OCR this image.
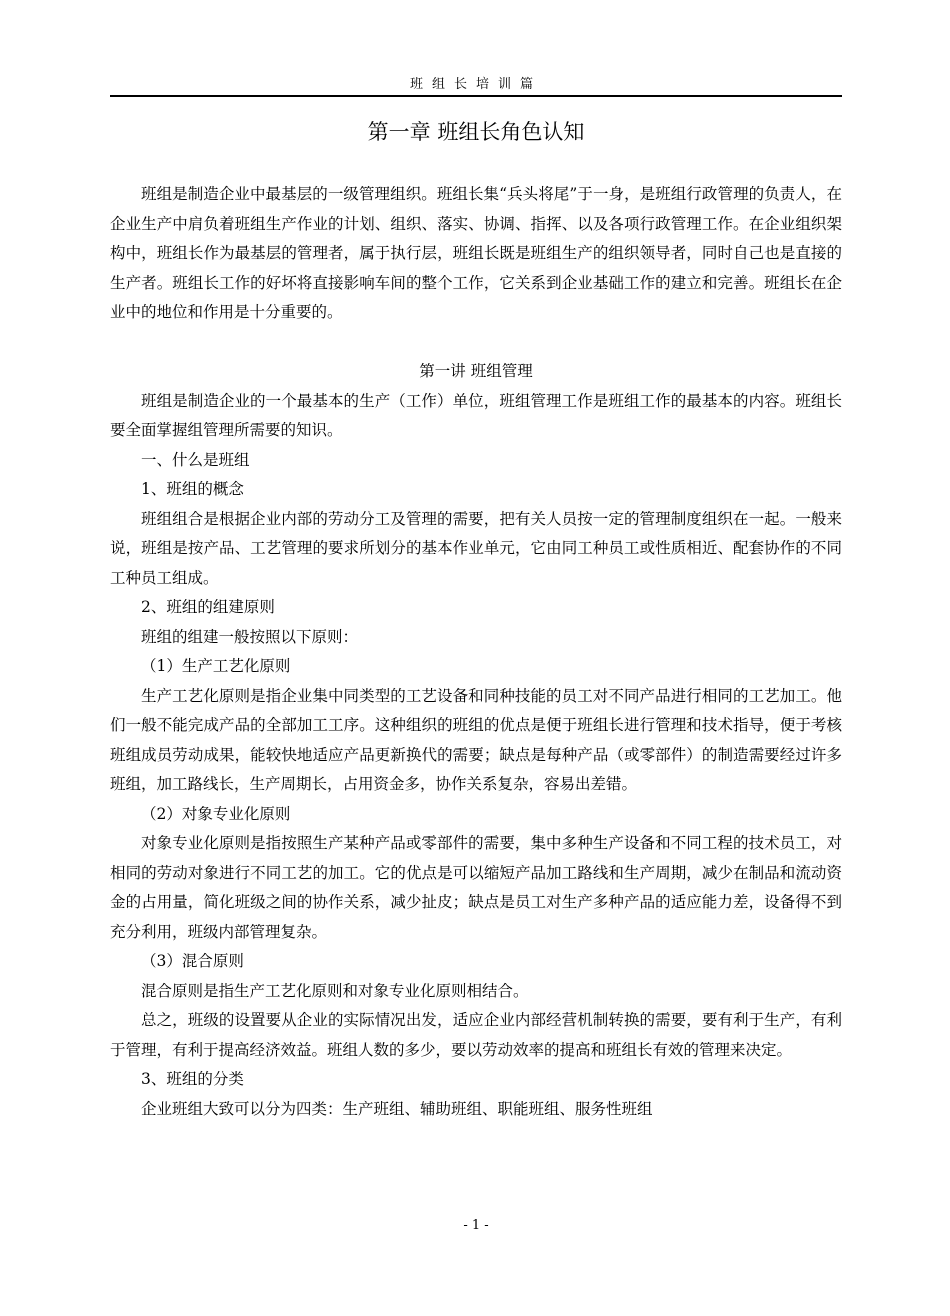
班组长培训篇
第一章 班组长角色认知

班组是制造企业中最基层的一级管理组织。班组长集“兵头将尾”于一身，是班组行政管理的负责人，在企业生产中肩负着班组生产作业的计划、组织、落实、协调、指挥、以及各项行政管理工作。在企业组织架构中，班组长作为最基层的管理者，属于执行层，班组长既是班组生产的组织领导者，同时自己也是直接的生产者。班组长工作的好坏将直接影响车间的整个工作，它关系到企业基础工作的建立和完善。班组长在企业中的地位和作用是十分重要的。

第一讲 班组管理

班组是制造企业的一个最基本的生产（工作）单位，班组管理工作是班组工作的最基本的内容。班组长要全面掌握组管理所需要的知识。

一、什么是班组

1、班组的概念

班组组合是根据企业内部的劳动分工及管理的需要，把有关人员按一定的管理制度组织在一起。一般来说，班组是按产品、工艺管理的要求所划分的基本作业单元，它由同工种员工或性质相近、配套协作的不同工种员工组成。

2、班组的组建原则

班组的组建一般按照以下原则：

（1）生产工艺化原则

生产工艺化原则是指企业集中同类型的工艺设备和同种技能的员工对不同产品进行相同的工艺加工。他们一般不能完成产品的全部加工工序。这种组织的班组的优点是便于班组长进行管理和技术指导，便于考核班组成员劳动成果，能较快地适应产品更新换代的需要；缺点是每种产品（或零部件）的制造需要经过许多班组，加工路线长，生产周期长，占用资金多，协作关系复杂，容易出差错。

（2）对象专业化原则

对象专业化原则是指按照生产某种产品或零部件的需要，集中多种生产设备和不同工程的技术员工，对相同的劳动对象进行不同工艺的加工。它的优点是可以缩短产品加工路线和生产周期，减少在制品和流动资金的占用量，简化班级之间的协作关系，减少扯皮；缺点是员工对生产多种产品的适应能力差，设备得不到充分利用，班级内部管理复杂。

（3）混合原则

混合原则是指生产工艺化原则和对象专业化原则相结合。

总之，班级的设置要从企业的实际情况出发，适应企业内部经营机制转换的需要，要有利于生产，有利于管理，有利于提高经济效益。班组人数的多少，要以劳动效率的提高和班组长有效的管理来决定。

3、班组的分类

企业班组大致可以分为四类：生产班组、辅助班组、职能班组、服务性班组

- 1 -
